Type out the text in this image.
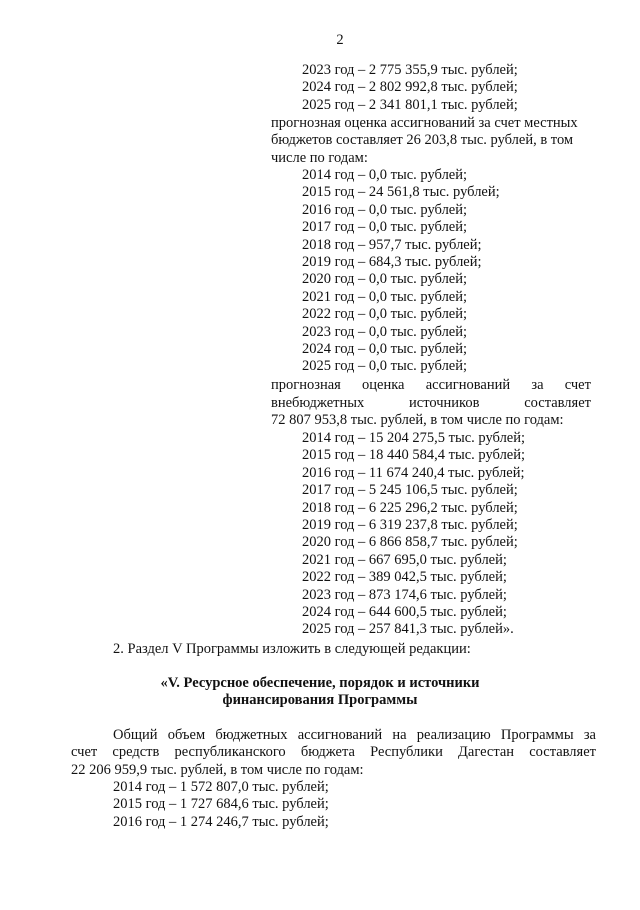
2
2023 год – 2 775 355,9 тыс. рублей;
2024 год – 2 802 992,8 тыс. рублей;
2025 год – 2 341 801,1 тыс. рублей;
прогнозная оценка ассигнований за счет местных
бюджетов составляет 26 203,8 тыс. рублей, в том
числе по годам:
2014 год – 0,0 тыс. рублей;
2015 год – 24 561,8 тыс. рублей;
2016 год – 0,0 тыс. рублей;
2017 год – 0,0 тыс. рублей;
2018 год – 957,7 тыс. рублей;
2019 год – 684,3 тыс. рублей;
2020 год – 0,0 тыс. рублей;
2021 год – 0,0 тыс. рублей;
2022 год – 0,0 тыс. рублей;
2023 год – 0,0 тыс. рублей;
2024 год – 0,0 тыс. рублей;
2025 год – 0,0 тыс. рублей;
прогнозная оценка ассигнований за счет
внебюджетных	источников	составляет
72 807 953,8 тыс. рублей, в том числе по годам:
2014 год – 15 204 275,5 тыс. рублей;
2015 год – 18 440 584,4 тыс. рублей;
2016 год – 11 674 240,4 тыс. рублей;
2017 год – 5 245 106,5 тыс. рублей;
2018 год – 6 225 296,2 тыс. рублей;
2019 год – 6 319 237,8 тыс. рублей;
2020 год – 6 866 858,7 тыс. рублей;
2021 год – 667 695,0 тыс. рублей;
2022 год – 389 042,5 тыс. рублей;
2023 год – 873 174,6 тыс. рублей;
2024 год – 644 600,5 тыс. рублей;
2025 год – 257 841,3 тыс. рублей».
2. Раздел V Программы изложить в следующей редакции:
«V. Ресурсное обеспечение, порядок и источники
финансирования Программы
Общий объем бюджетных ассигнований на реализацию Программы за
счет средств республиканского бюджета Республики Дагестан составляет
22 206 959,9 тыс. рублей, в том числе по годам:
2014 год – 1 572 807,0 тыс. рублей;
2015 год – 1 727 684,6 тыс. рублей;
2016 год – 1 274 246,7 тыс. рублей;
